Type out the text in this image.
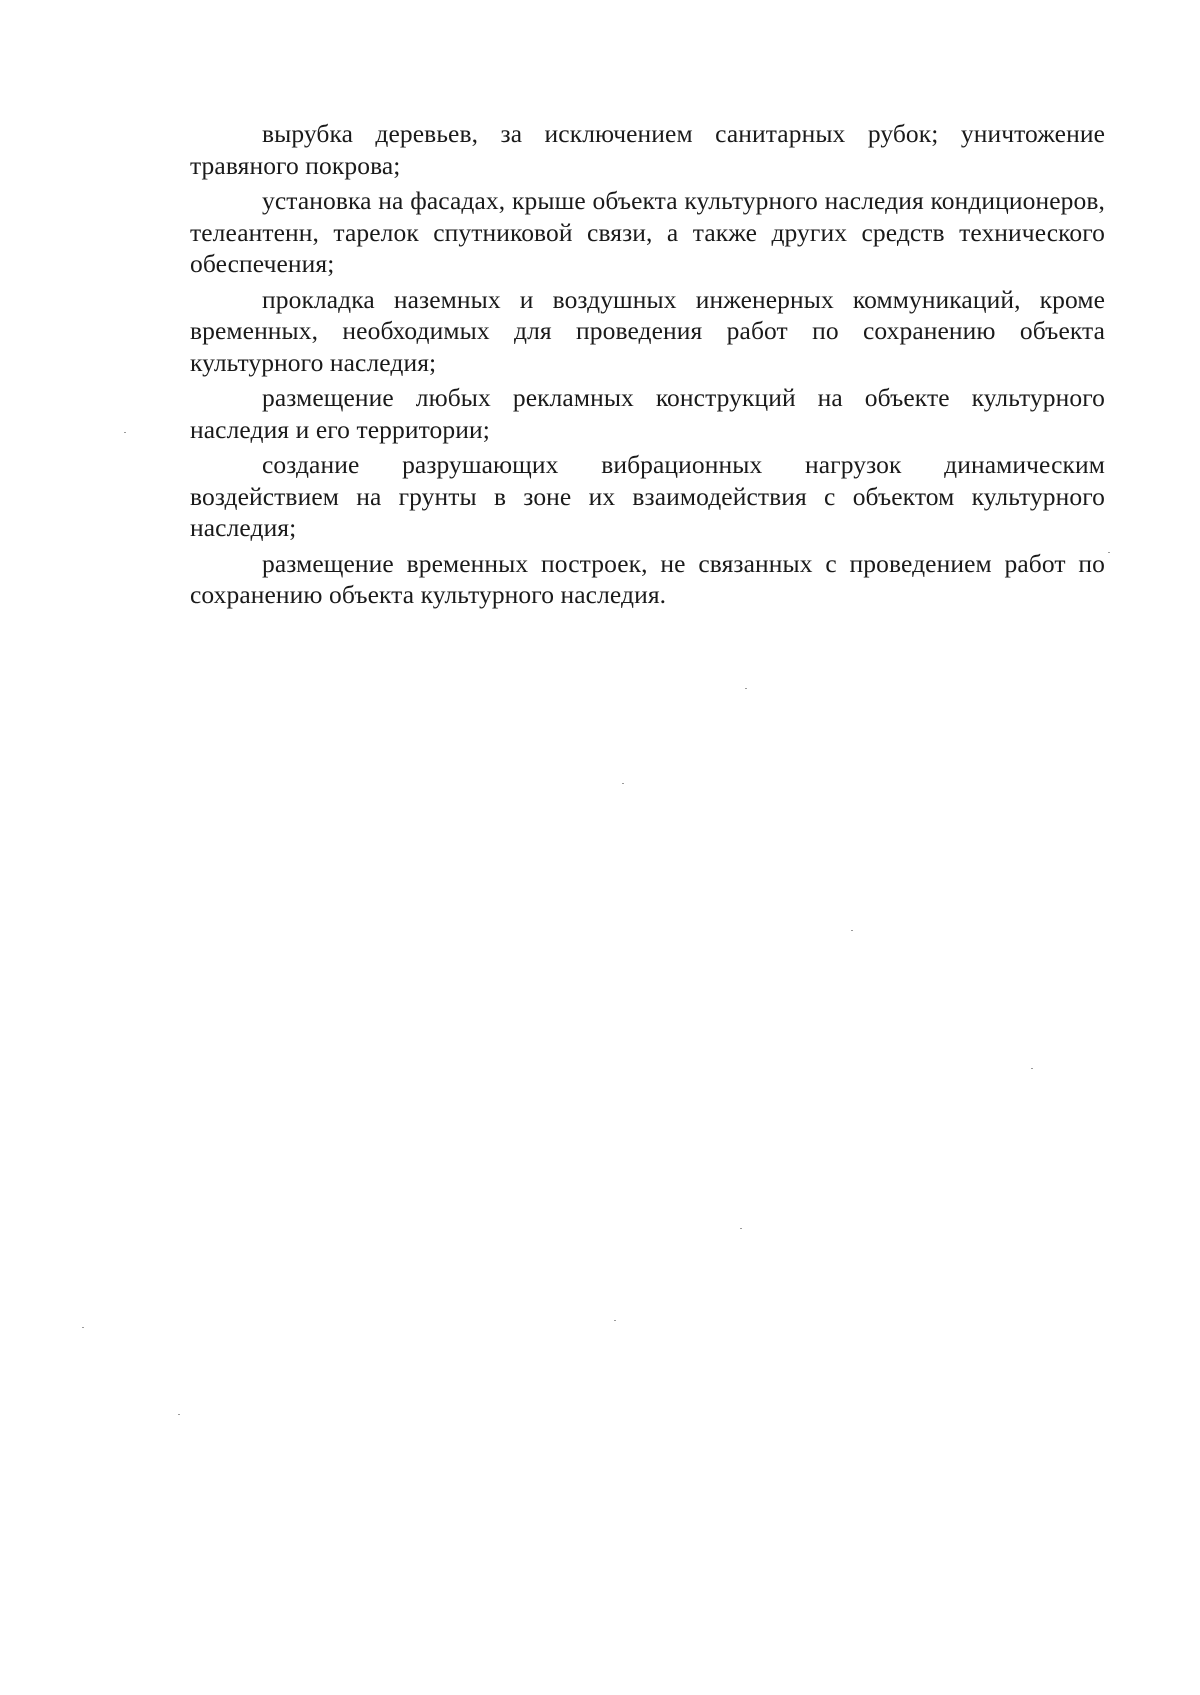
вырубка деревьев, за исключением санитарных рубок; уничтожение травяного покрова;

установка на фасадах, крыше объекта культурного наследия кондиционеров, телеантенн, тарелок спутниковой связи, а также других средств технического обеспечения;

прокладка наземных и воздушных инженерных коммуникаций, кроме временных, необходимых для проведения работ по сохранению объекта культурного наследия;

размещение любых рекламных конструкций на объекте культурного наследия и его территории;

создание разрушающих вибрационных нагрузок динамическим воздействием на грунты в зоне их взаимодействия с объектом культурного наследия;

размещение временных построек, не связанных с проведением работ по сохранению объекта культурного наследия.
